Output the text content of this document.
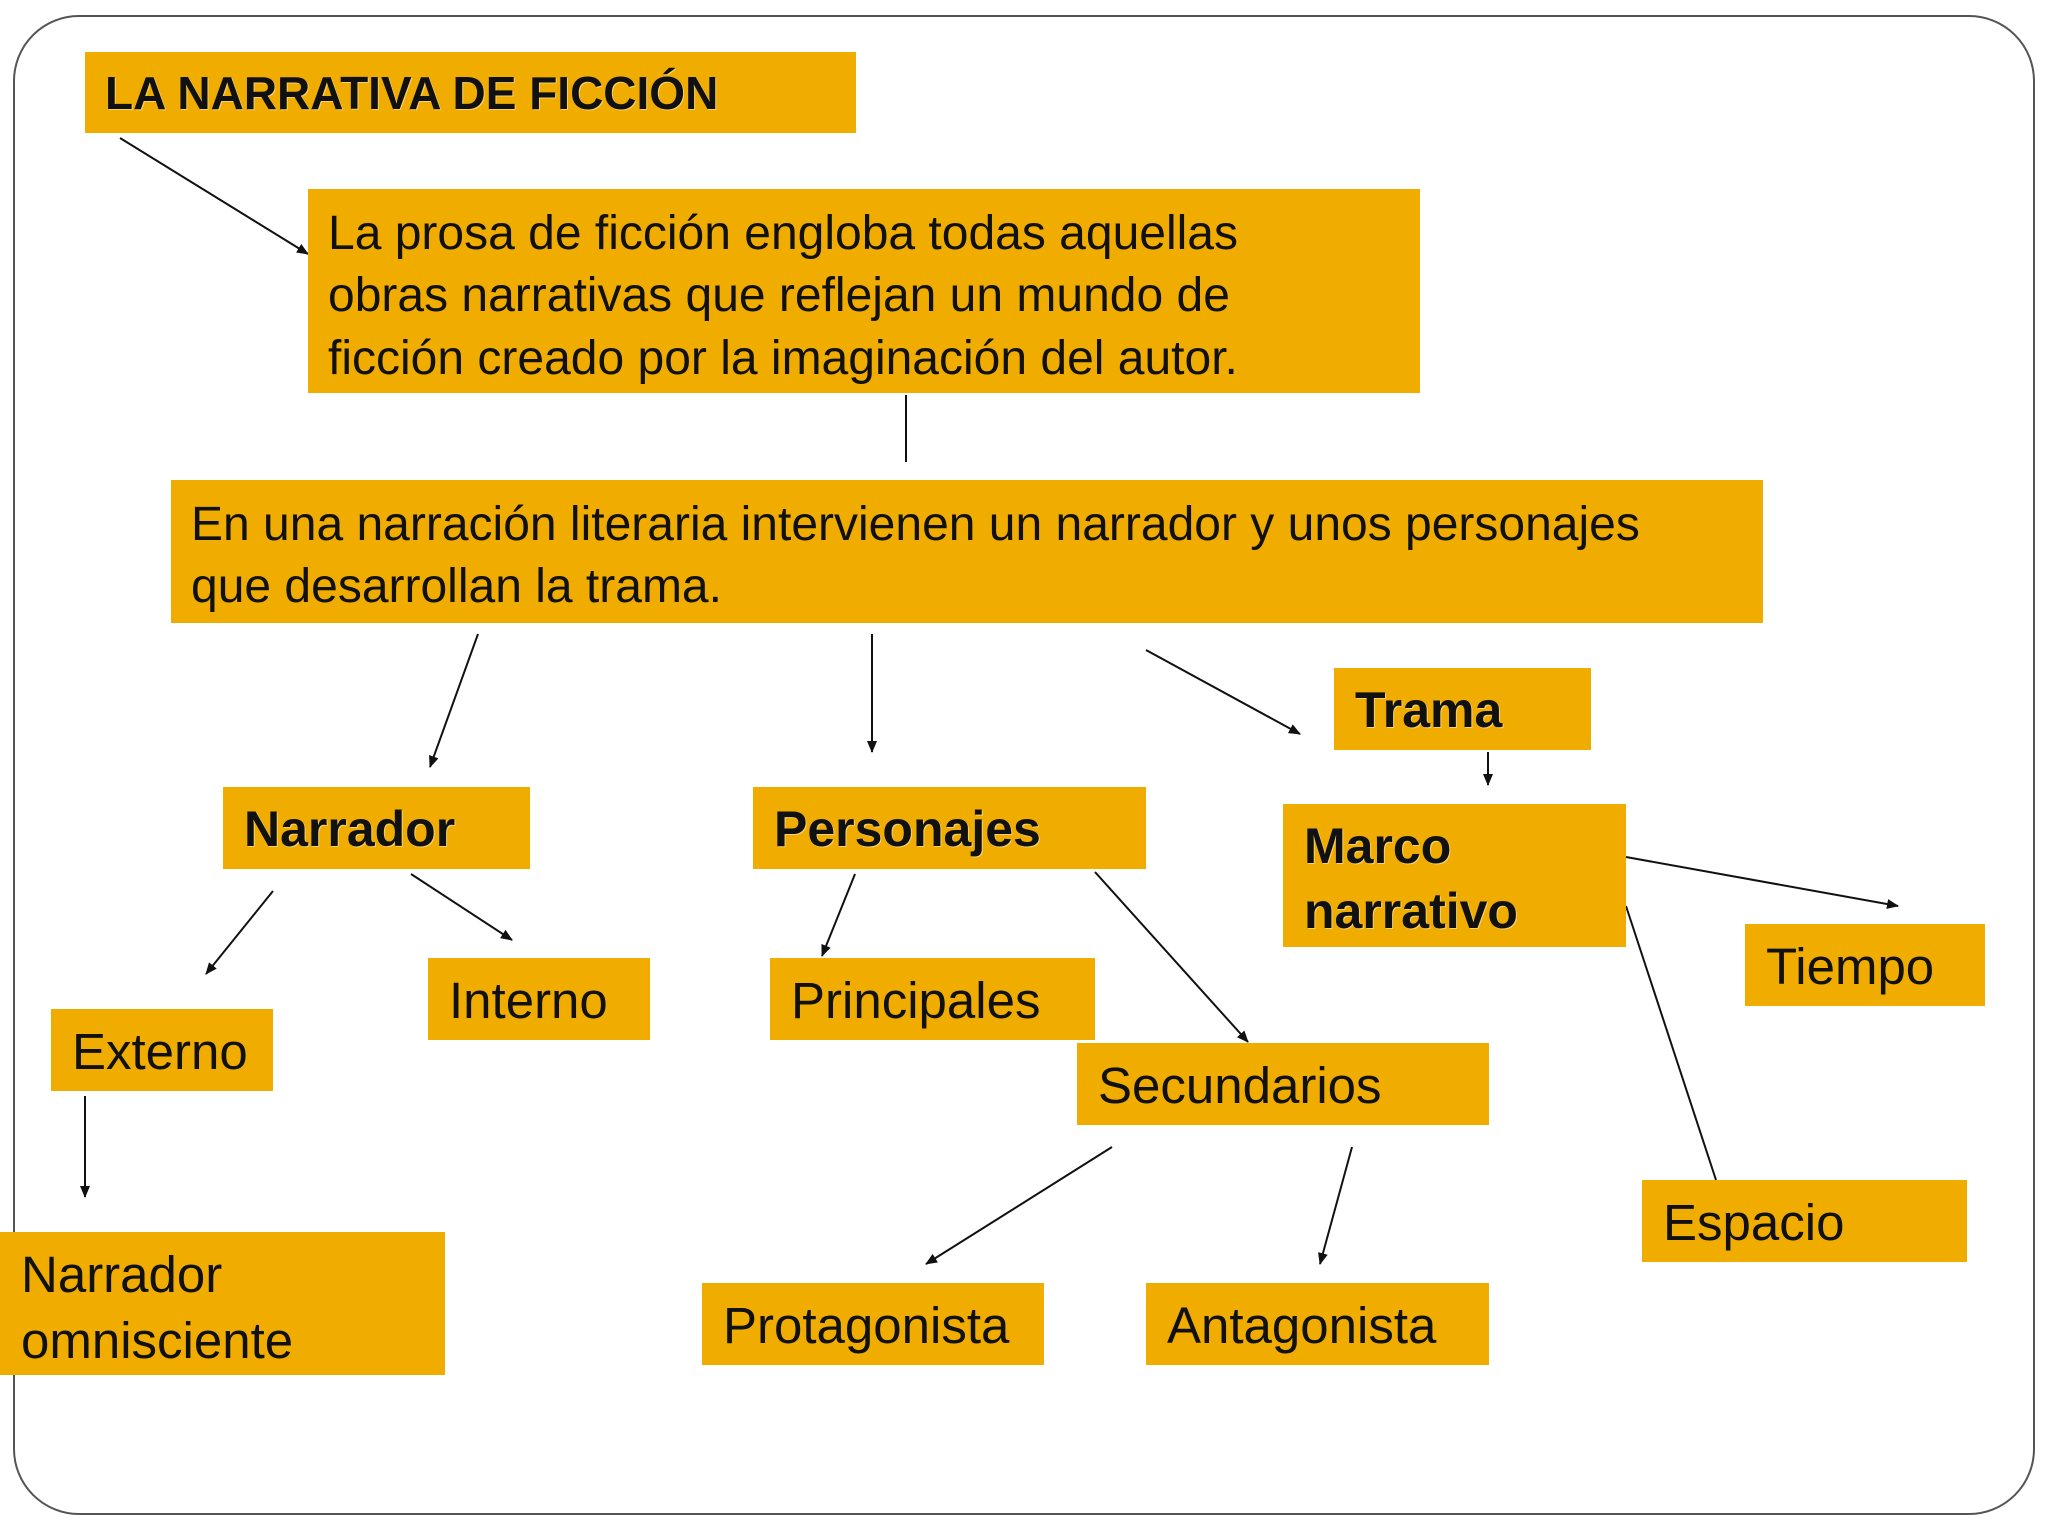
LA NARRATIVA DE FICCIÓN
La prosa de ficción engloba todas aquellas
obras narrativas que reflejan un mundo de
ficción creado por la imaginación del autor.
En una narración literaria intervienen un narrador y unos personajes
que desarrollan la trama.
Narrador	Personajes
Trama
Marco
narrativo
Externo
Interno
Narrador
omnisciente
Principales
Secundarios
Protagonista	Antagonista
Tiempo
Espacio
